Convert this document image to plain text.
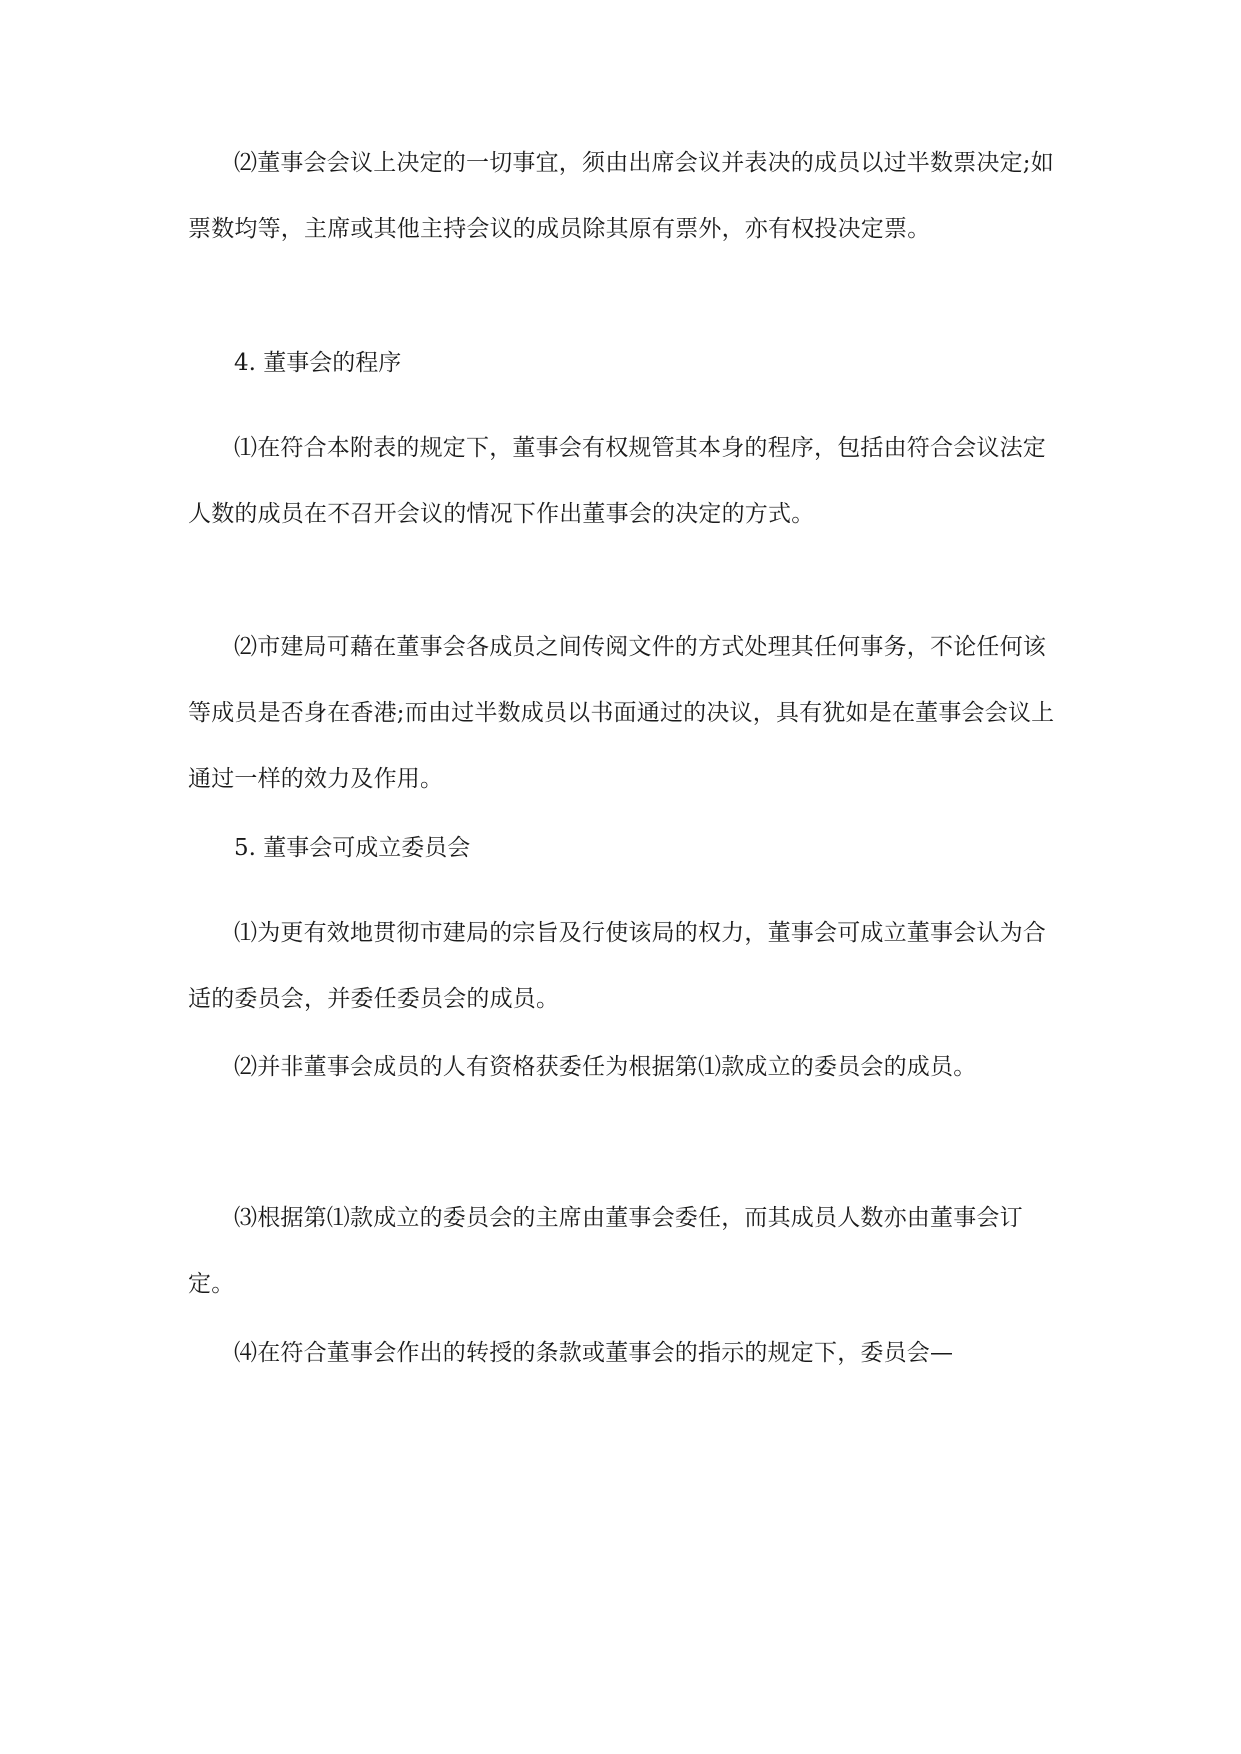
⑵董事会会议上决定的一切事宜，须由出席会议并表决的成员以过半数票决定;如票数均等，主席或其他主持会议的成员除其原有票外，亦有权投决定票。

4. 董事会的程序

⑴在符合本附表的规定下，董事会有权规管其本身的程序，包括由符合会议法定人数的成员在不召开会议的情况下作出董事会的决定的方式。

⑵市建局可藉在董事会各成员之间传阅文件的方式处理其任何事务，不论任何该等成员是否身在香港;而由过半数成员以书面通过的决议，具有犹如是在董事会会议上通过一样的效力及作用。

5. 董事会可成立委员会

⑴为更有效地贯彻市建局的宗旨及行使该局的权力，董事会可成立董事会认为合适的委员会，并委任委员会的成员。

⑵并非董事会成员的人有资格获委任为根据第⑴款成立的委员会的成员。

⑶根据第⑴款成立的委员会的主席由董事会委任，而其成员人数亦由董事会订定。

⑷在符合董事会作出的转授的条款或董事会的指示的规定下，委员会—
